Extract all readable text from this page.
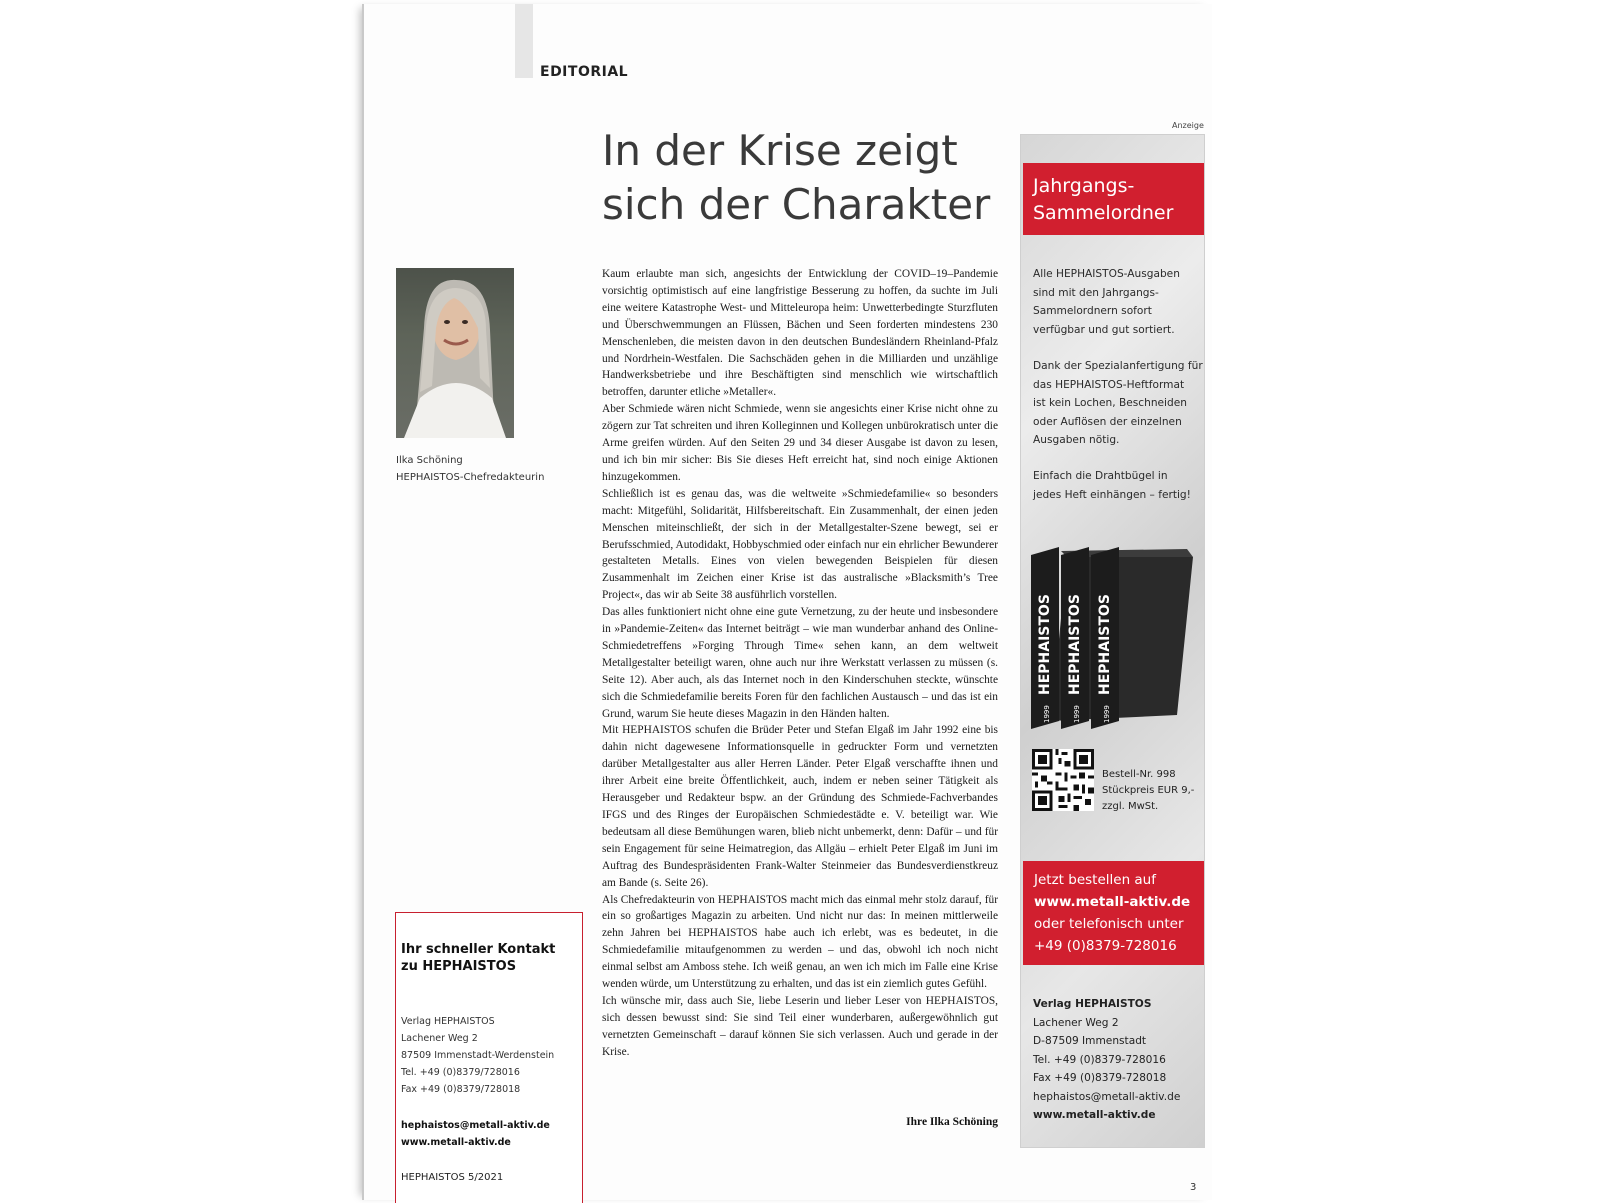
EDITORIAL
In der Krise zeigt
sich der Charakter
Ilka Schöning
HEPHAISTOS-Chefredakteurin

Kaum erlaubte man sich, angesichts der Entwicklung der COVID–19–Pandemie vorsichtig optimistisch auf eine langfristige Besserung zu hoffen, da suchte im Juli eine weitere Katastrophe West- und Mitteleuropa heim: Unwetterbedingte Sturzfluten und Überschwemmungen an Flüssen, Bächen und Seen forderten mindestens 230 Menschenleben, die meisten davon in den deutschen Bundesländern Rheinland-Pfalz und Nordrhein-Westfalen. Die Sachschäden gehen in die Milliarden und unzählige Handwerksbetriebe und ihre Beschäftigten sind menschlich wie wirtschaftlich betroffen, darunter etliche »Metaller«.

Aber Schmiede wären nicht Schmiede, wenn sie angesichts einer Krise nicht ohne zu zögern zur Tat schreiten und ihren Kolleginnen und Kollegen unbürokratisch unter die Arme greifen würden. Auf den Seiten 29 und 34 dieser Ausgabe ist davon zu lesen, und ich bin mir sicher: Bis Sie dieses Heft erreicht hat, sind noch einige Aktionen hinzugekommen.

Schließlich ist es genau das, was die weltweite »Schmiedefamilie« so besonders macht: Mitgefühl, Solidarität, Hilfsbereitschaft. Ein Zusammenhalt, der einen jeden Menschen miteinschließt, der sich in der Metallgestalter-Szene bewegt, sei er Berufsschmied, Autodidakt, Hobbyschmied oder einfach nur ein ehrlicher Bewunderer gestalteten Metalls. Eines von vielen bewegenden Beispielen für diesen Zusammenhalt im Zeichen einer Krise ist das australische »Blacksmith’s Tree Project«, das wir ab Seite 38 ausführlich vorstellen.

Das alles funktioniert nicht ohne eine gute Vernetzung, zu der heute und insbesondere in »Pandemie-Zeiten« das Internet beiträgt – wie man wunderbar anhand des Online-Schmiedetreffens »Forging Through Time« sehen kann, an dem weltweit Metallgestalter beteiligt waren, ohne auch nur ihre Werkstatt verlassen zu müssen (s. Seite 12). Aber auch, als das Internet noch in den Kinderschuhen steckte, wünschte sich die Schmiedefamilie bereits Foren für den fachlichen Austausch – und das ist ein Grund, warum Sie heute dieses Magazin in den Händen halten.

Mit HEPHAISTOS schufen die Brüder Peter und Stefan Elgaß im Jahr 1992 eine bis dahin nicht dagewesene Informationsquelle in gedruckter Form und vernetzten darüber Metallgestalter aus aller Herren Länder. Peter Elgaß verschaffte ihnen und ihrer Arbeit eine breite Öffentlichkeit, auch, indem er neben seiner Tätigkeit als Herausgeber und Redakteur bspw. an der Gründung des Schmiede-Fachverbandes IFGS und des Ringes der Europäischen Schmiedestädte e. V. beteiligt war. Wie bedeutsam all diese Bemühungen waren, blieb nicht unbemerkt, denn: Dafür – und für sein Engagement für seine Heimatregion, das Allgäu – erhielt Peter Elgaß im Juni im Auftrag des Bundespräsidenten Frank-Walter Steinmeier das Bundesverdienstkreuz am Bande (s. Seite 26).

Als Chefredakteurin von HEPHAISTOS macht mich das einmal mehr stolz darauf, für ein so großartiges Magazin zu arbeiten. Und nicht nur das: In meinen mittlerweile zehn Jahren bei HEPHAISTOS habe auch ich erlebt, was es bedeutet, in die Schmiedefamilie mitaufgenommen zu werden – und das, obwohl ich noch nicht einmal selbst am Amboss stehe. Ich weiß genau, an wen ich mich im Falle eine Krise wenden würde, um Unterstützung zu erhalten, und das ist ein ziemlich gutes Gefühl.

Ich wünsche mir, dass auch Sie, liebe Leserin und lieber Leser von HEPHAISTOS, sich dessen bewusst sind: Sie sind Teil einer wunderbaren, außergewöhnlich gut vernetzten Gemeinschaft – darauf können Sie sich verlassen. Auch und gerade in der Krise.

Ihre Ilka Schöning
Ihr schneller Kontakt zu HEPHAISTOS
Verlag HEPHAISTOS
Lachener Weg 2
87509 Immenstadt-Werdenstein
Tel. +49 (0)8379/728016
Fax +49 (0)8379/728018
hephaistos@metall-aktiv.de
www.metall-aktiv.de
HEPHAISTOS 5/2021
Anzeige
Jahrgangs-
Sammelordner
Alle HEPHAISTOS-Ausgaben
sind mit den Jahrgangs-
Sammelordnern sofort
verfügbar und gut sortiert.
Dank der Spezialanfertigung für
das HEPHAISTOS-Heftformat
ist kein Lochen, Beschneiden
oder Auflösen der einzelnen
Ausgaben nötig.
Einfach die Drahtbügel in
jedes Heft einhängen – fertig!
HEPHAISTOS
1999
HEPHAISTOS
1999
HEPHAISTOS
1999
Bestell-Nr. 998
Stückpreis EUR 9,-
zzgl. MwSt.
Jetzt bestellen auf
www.metall-aktiv.de
oder telefonisch unter
+49 (0)8379-728016
Verlag HEPHAISTOS
Lachener Weg 2
D-87509 Immenstadt
Tel. +49 (0)8379-728016
Fax +49 (0)8379-728018
hephaistos@metall-aktiv.de
www.metall-aktiv.de
3
